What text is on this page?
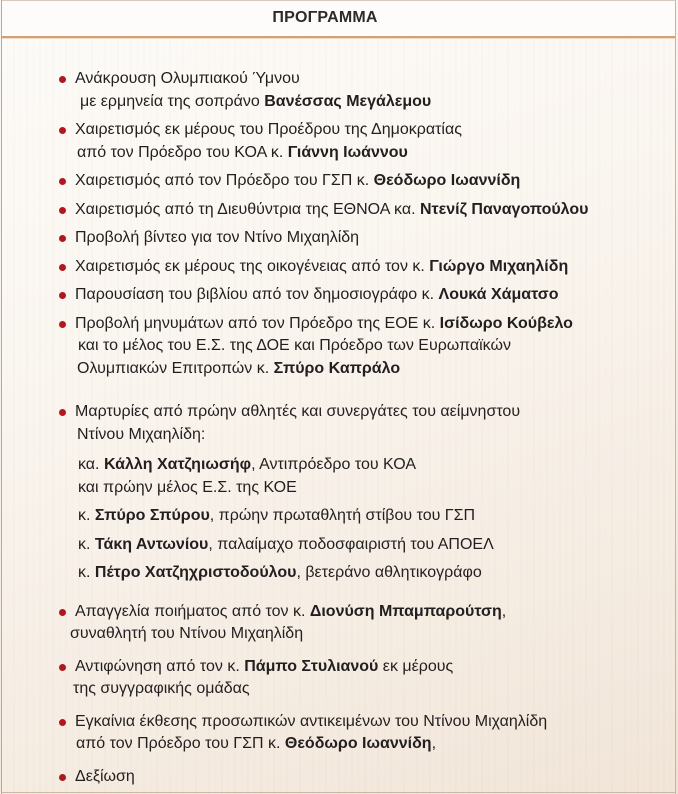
ΠΡΟΓΡΑΜΜΑ
Ανάκρουση Ολυμπιακού Ύμνου
με ερμηνεία της σοπράνο Βανέσσας Μεγάλεμου
Χαιρετισμός εκ μέρους του Προέδρου της Δημοκρατίας
από τον Πρόεδρο του ΚΟΑ κ. Γιάννη Ιωάννου
Χαιρετισμός από τον Πρόεδρο του ΓΣΠ κ. Θεόδωρο Ιωαννίδη
Χαιρετισμός από τη Διευθύντρια της ΕΘΝΟΑ κα. Ντενίζ Παναγοπούλου
Προβολή βίντεο για τον Ντίνο Μιχαηλίδη
Χαιρετισμός εκ μέρους της οικογένειας από τον κ. Γιώργο Μιχαηλίδη
Παρουσίαση του βιβλίου από τον δημοσιογράφο κ. Λουκά Χάματσο
Προβολή μηνυμάτων από τον Πρόεδρο της ΕΟΕ κ. Ισίδωρο Κούβελο
και το μέλος του Ε.Σ. της ΔΟΕ και Πρόεδρο των Ευρωπαϊκών
Ολυμπιακών Επιτροπών κ. Σπύρο Καπράλο
Μαρτυρίες από πρώην αθλητές και συνεργάτες του αείμνηστου
Ντίνου Μιχαηλίδη:
κα. Κάλλη Χατζηιωσήφ, Αντιπρόεδρο του ΚΟΑ
και πρώην μέλος Ε.Σ. της ΚΟΕ
κ. Σπύρο Σπύρου, πρώην πρωταθλητή στίβου του ΓΣΠ
κ. Τάκη Αντωνίου, παλαίμαχο ποδοσφαιριστή του ΑΠΟΕΛ
κ. Πέτρο Χατζηχριστοδούλου, βετεράνο αθλητικογράφο
Απαγγελία ποιήματος από τον κ. Διονύση Μπαμπαρούτση,
συναθλητή του Ντίνου Μιχαηλίδη
Αντιφώνηση από τον κ. Πάμπο Στυλιανού εκ μέρους
της συγγραφικής ομάδας
Εγκαίνια έκθεσης προσωπικών αντικειμένων του Ντίνου Μιχαηλίδη
από τον Πρόεδρο του ΓΣΠ κ. Θεόδωρο Ιωαννίδη,
Δεξίωση
